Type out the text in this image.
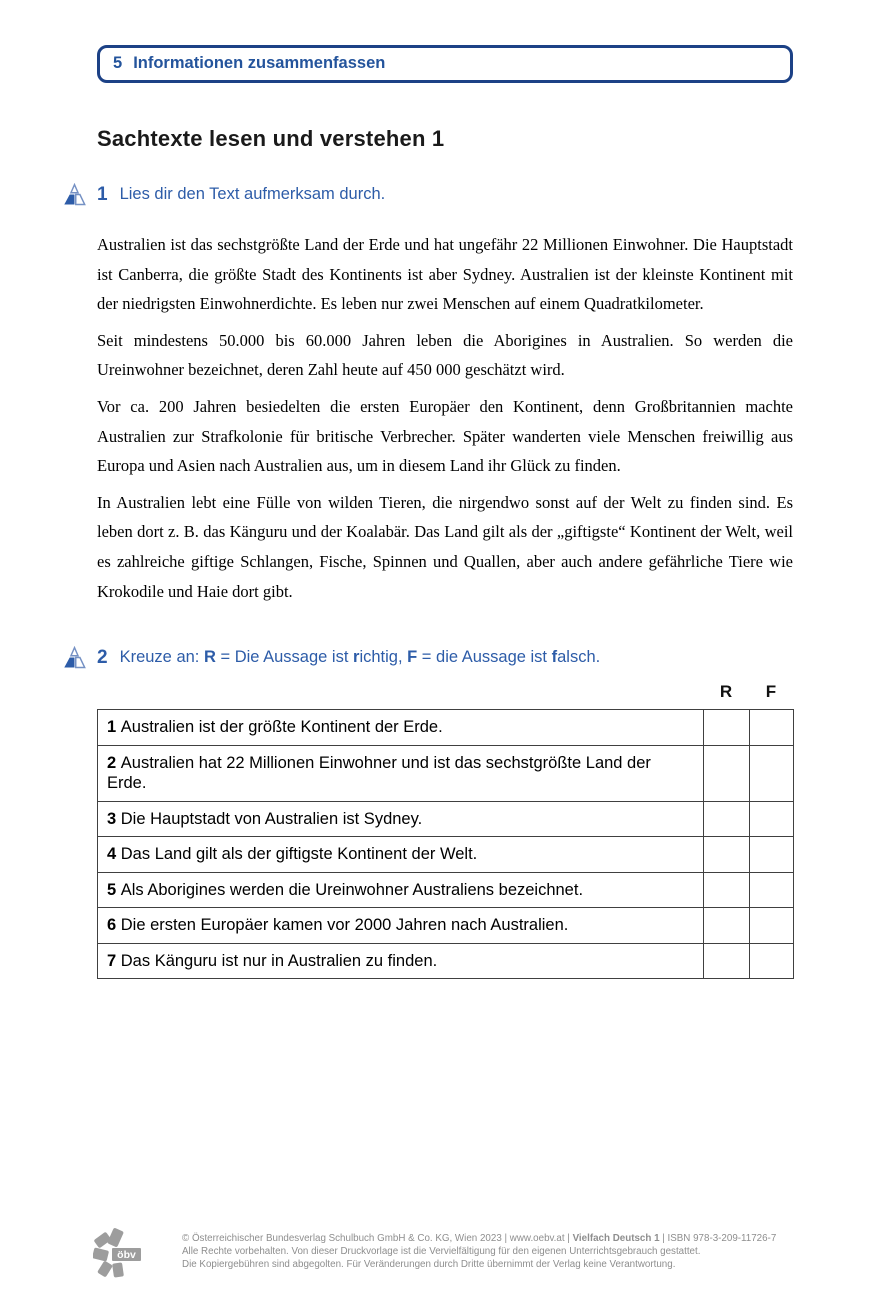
5 Informationen zusammenfassen
Sachtexte lesen und verstehen 1
1 Lies dir den Text aufmerksam durch.

Australien ist das sechstgrößte Land der Erde und hat ungefähr 22 Millionen Einwohner. Die Hauptstadt ist Canberra, die größte Stadt des Kontinents ist aber Sydney. Australien ist der kleinste Kontinent mit der niedrigsten Einwohnerdichte. Es leben nur zwei Menschen auf einem Quadratkilometer.

Seit mindestens 50.000 bis 60.000 Jahren leben die Aborigines in Australien. So werden die Ureinwohner bezeichnet, deren Zahl heute auf 450 000 geschätzt wird.

Vor ca. 200 Jahren besiedelten die ersten Europäer den Kontinent, denn Großbritannien machte Australien zur Strafkolonie für britische Verbrecher. Später wanderten viele Menschen freiwillig aus Europa und Asien nach Australien aus, um in diesem Land ihr Glück zu finden.

In Australien lebt eine Fülle von wilden Tieren, die nirgendwo sonst auf der Welt zu finden sind. Es leben dort z. B. das Känguru und der Koalabär. Das Land gilt als der „giftigste“ Kontinent der Welt, weil es zahlreiche giftige Schlangen, Fische, Spinnen und Quallen, aber auch andere gefährliche Tiere wie Krokodile und Haie dort gibt.

2 Kreuze an: R = Die Aussage ist richtig, F = die Aussage ist falsch.
R	F
1 Australien ist der größte Kontinent der Erde.		
2 Australien hat 22 Millionen Einwohner und ist das sechstgrößte Land der Erde.		
3 Die Hauptstadt von Australien ist Sydney.		
4 Das Land gilt als der giftigste Kontinent der Welt.		
5 Als Aborigines werden die Ureinwohner Australiens bezeichnet.		
6 Die ersten Europäer kamen vor 2000 Jahren nach Australien.		
7 Das Känguru ist nur in Australien zu finden.		
öbv
© Österreichischer Bundesverlag Schulbuch GmbH & Co. KG, Wien 2023 | www.oebv.at | Vielfach Deutsch 1 | ISBN 978-3-209-11726-7
Alle Rechte vorbehalten. Von dieser Druckvorlage ist die Vervielfältigung für den eigenen Unterrichtsgebrauch gestattet.
Die Kopiergebühren sind abgegolten. Für Veränderungen durch Dritte übernimmt der Verlag keine Verantwortung.
